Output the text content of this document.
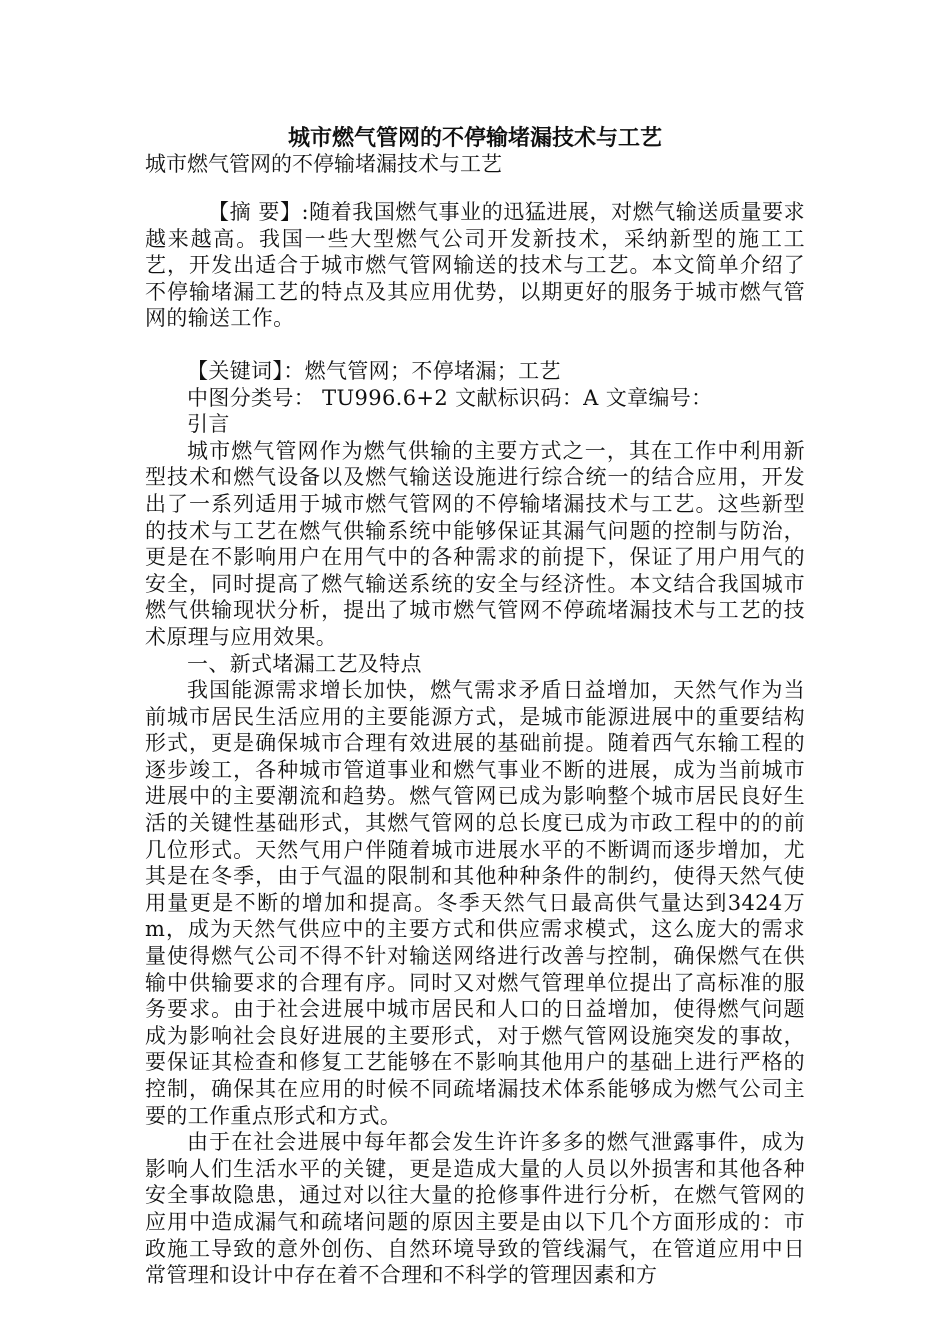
城市燃气管网的不停输堵漏技术与工艺

城市燃气管网的不停输堵漏技术与工艺

【摘 要】:随着我国燃气事业的迅猛进展，对燃气输送质量要求越来越高。我国一些大型燃气公司开发新技术，采纳新型的施工工艺，开发出适合于城市燃气管网输送的技术与工艺。本文简单介绍了不停输堵漏工艺的特点及其应用优势，以期更好的服务于城市燃气管网的输送工作。

【关键词】：燃气管网；不停堵漏；工艺

中图分类号： TU996.6+2 文献标识码：A 文章编号：

引言

城市燃气管网作为燃气供输的主要方式之一，其在工作中利用新型技术和燃气设备以及燃气输送设施进行综合统一的结合应用，开发出了一系列适用于城市燃气管网的不停输堵漏技术与工艺。这些新型的技术与工艺在燃气供输系统中能够保证其漏气问题的控制与防治，更是在不影响用户在用气中的各种需求的前提下，保证了用户用气的安全，同时提高了燃气输送系统的安全与经济性。本文结合我国城市燃气供输现状分析，提出了城市燃气管网不停疏堵漏技术与工艺的技术原理与应用效果。

一、新式堵漏工艺及特点

我国能源需求增长加快，燃气需求矛盾日益增加，天然气作为当前城市居民生活应用的主要能源方式，是城市能源进展中的重要结构形式，更是确保城市合理有效进展的基础前提。随着西气东输工程的逐步竣工，各种城市管道事业和燃气事业不断的进展，成为当前城市进展中的主要潮流和趋势。燃气管网已成为影响整个城市居民良好生活的关键性基础形式，其燃气管网的总长度已成为市政工程中的的前几位形式。天然气用户伴随着城市进展水平的不断调而逐步增加，尤其是在冬季，由于气温的限制和其他种种条件的制约，使得天然气使用量更是不断的增加和提高。冬季天然气日最高供气量达到3424万m，成为天然气供应中的主要方式和供应需求模式，这么庞大的需求量使得燃气公司不得不针对输送网络进行改善与控制，确保燃气在供输中供输要求的合理有序。同时又对燃气管理单位提出了高标准的服务要求。由于社会进展中城市居民和人口的日益增加，使得燃气问题成为影响社会良好进展的主要形式，对于燃气管网设施突发的事故，要保证其检查和修复工艺能够在不影响其他用户的基础上进行严格的控制，确保其在应用的时候不同疏堵漏技术体系能够成为燃气公司主要的工作重点形式和方式。

由于在社会进展中每年都会发生许许多多的燃气泄露事件，成为影响人们生活水平的关键，更是造成大量的人员以外损害和其他各种安全事故隐患，通过对以往大量的抢修事件进行分析，在燃气管网的应用中造成漏气和疏堵问题的原因主要是由以下几个方面形成的：市政施工导致的意外创伤、自然环境导致的管线漏气，在管道应用中日常管理和设计中存在着不合理和不科学的管理因素和方
